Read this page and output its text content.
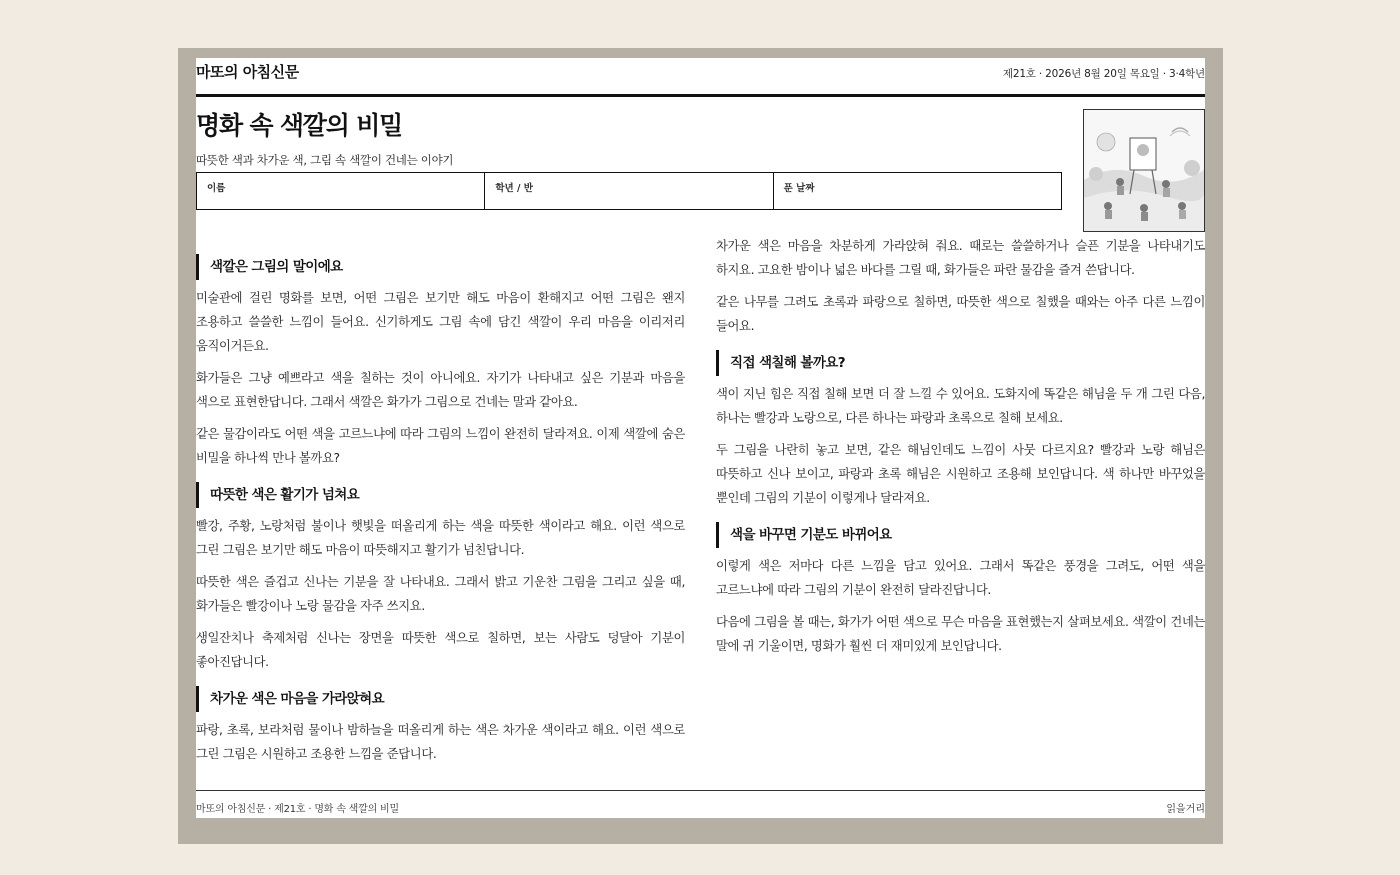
마또의 아침신문	제21호 · 2026년 8월 20일 목요일 · 3·4학년
명화 속 색깔의 비밀
따뜻한 색과 차가운 색, 그림 속 색깔이 건네는 이야기
이름	학년 / 반	푼 날짜
색깔은 그림의 말이에요

미술관에 걸린 명화를 보면, 어떤 그림은 보기만 해도 마음이 환해지고 어떤 그림은 왠지 조용하고 쓸쓸한 느낌이 들어요. 신기하게도 그림 속에 담긴 색깔이 우리 마음을 이리저리 움직이거든요.

화가들은 그냥 예쁘라고 색을 칠하는 것이 아니에요. 자기가 나타내고 싶은 기분과 마음을 색으로 표현한답니다. 그래서 색깔은 화가가 그림으로 건네는 말과 같아요.

같은 물감이라도 어떤 색을 고르느냐에 따라 그림의 느낌이 완전히 달라져요. 이제 색깔에 숨은 비밀을 하나씩 만나 볼까요?

따뜻한 색은 활기가 넘쳐요

빨강, 주황, 노랑처럼 불이나 햇빛을 떠올리게 하는 색을 따뜻한 색이라고 해요. 이런 색으로 그린 그림은 보기만 해도 마음이 따뜻해지고 활기가 넘친답니다.

따뜻한 색은 즐겁고 신나는 기분을 잘 나타내요. 그래서 밝고 기운찬 그림을 그리고 싶을 때, 화가들은 빨강이나 노랑 물감을 자주 쓰지요.

생일잔치나 축제처럼 신나는 장면을 따뜻한 색으로 칠하면, 보는 사람도 덩달아 기분이 좋아진답니다.

차가운 색은 마음을 가라앉혀요

파랑, 초록, 보라처럼 물이나 밤하늘을 떠올리게 하는 색은 차가운 색이라고 해요. 이런 색으로 그린 그림은 시원하고 조용한 느낌을 준답니다.

차가운 색은 마음을 차분하게 가라앉혀 줘요. 때로는 쓸쓸하거나 슬픈 기분을 나타내기도 하지요. 고요한 밤이나 넓은 바다를 그릴 때, 화가들은 파란 물감을 즐겨 쓴답니다.

같은 나무를 그려도 초록과 파랑으로 칠하면, 따뜻한 색으로 칠했을 때와는 아주 다른 느낌이 들어요.

직접 색칠해 볼까요?

색이 지닌 힘은 직접 칠해 보면 더 잘 느낄 수 있어요. 도화지에 똑같은 해님을 두 개 그린 다음, 하나는 빨강과 노랑으로, 다른 하나는 파랑과 초록으로 칠해 보세요.

두 그림을 나란히 놓고 보면, 같은 해님인데도 느낌이 사뭇 다르지요? 빨강과 노랑 해님은 따뜻하고 신나 보이고, 파랑과 초록 해님은 시원하고 조용해 보인답니다. 색 하나만 바꾸었을 뿐인데 그림의 기분이 이렇게나 달라져요.

색을 바꾸면 기분도 바뀌어요

이렇게 색은 저마다 다른 느낌을 담고 있어요. 그래서 똑같은 풍경을 그려도, 어떤 색을 고르느냐에 따라 그림의 기분이 완전히 달라진답니다.

다음에 그림을 볼 때는, 화가가 어떤 색으로 무슨 마음을 표현했는지 살펴보세요. 색깔이 건네는 말에 귀 기울이면, 명화가 훨씬 더 재미있게 보인답니다.

마또의 아침신문 · 제21호 · 명화 속 색깔의 비밀	읽을거리
